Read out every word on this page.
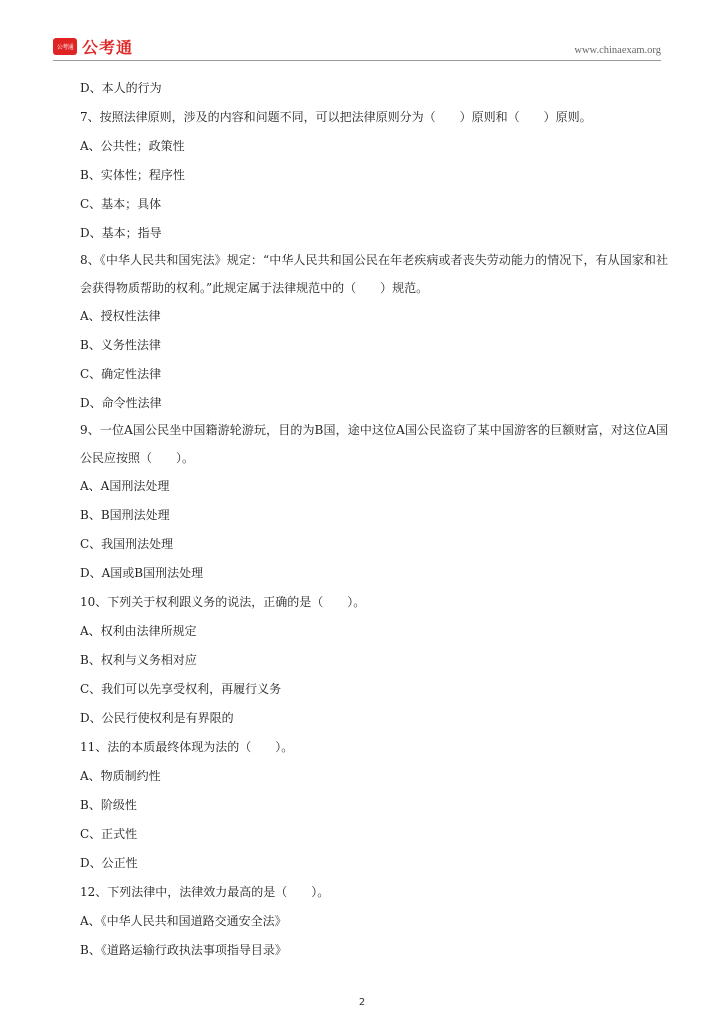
公考通 公考通	www.chinaexam.org
D、本人的行为
7、按照法律原则，涉及的内容和问题不同，可以把法律原则分为（　　）原则和（　　）原则。
A、公共性；政策性
B、实体性；程序性
C、基本；具体
D、基本；指导
8、《中华人民共和国宪法》规定：“中华人民共和国公民在年老疾病或者丧失劳动能力的情况下，有从国家和社会获得物质帮助的权利。”此规定属于法律规范中的（　　）规范。
A、授权性法律
B、义务性法律
C、确定性法律
D、命令性法律
9、一位A国公民坐中国籍游轮游玩，目的为B国，途中这位A国公民盗窃了某中国游客的巨额财富，对这位A国公民应按照（　　）。
A、A国刑法处理
B、B国刑法处理
C、我国刑法处理
D、A国或B国刑法处理
10、下列关于权利跟义务的说法，正确的是（　　）。
A、权利由法律所规定
B、权利与义务相对应
C、我们可以先享受权利，再履行义务
D、公民行使权利是有界限的
11、法的本质最终体现为法的（　　）。
A、物质制约性
B、阶级性
C、正式性
D、公正性
12、下列法律中，法律效力最高的是（　　）。
A、《中华人民共和国道路交通安全法》
B、《道路运输行政执法事项指导目录》
2
